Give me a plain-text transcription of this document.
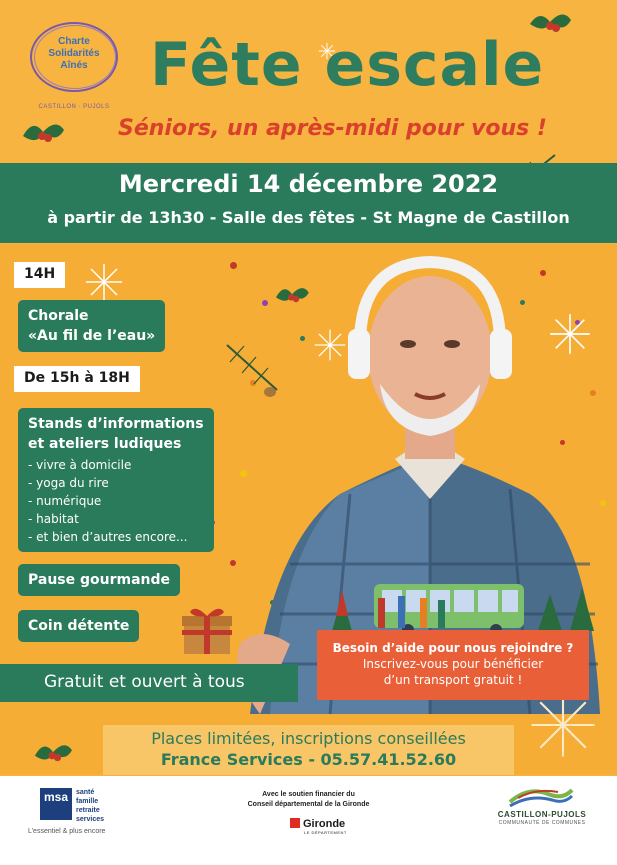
Charte
Solidarités
Aînés
CASTILLON · PUJOLS
Fête escale
Séniors, un après-midi pour vous !
Mercredi 14 décembre 2022
à partir de 13h30 - Salle des fêtes - St Magne de Castillon
14H
Chorale
«Au fil de l’eau»
De 15h à 18H
Stands d’informations
et ateliers ludiques
- vivre à domicile
- yoga du rire
- numérique
- habitat
- et bien d’autres encore...
Pause gourmande
Coin détente

Besoin d’aide pour nous rejoindre ?

Inscrivez-vous pour bénéficier

d’un transport gratuit !

Gratuit et ouvert à tous
Places limitées, inscriptions conseillées
France Services - 05.57.41.52.60
msa	santé
famille
retraite
services
L’essentiel & plus encore
Avec le soutien financier du
Conseil départemental de la Gironde
Gironde
LE DÉPARTEMENT
CASTILLON-PUJOLS
COMMUNAUTÉ DE COMMUNES
